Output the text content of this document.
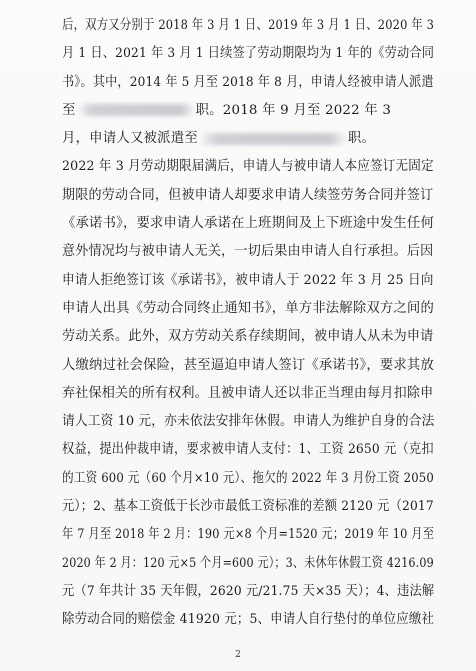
后，双方又分别于 2018 年 3 月 1 日、2019 年 3 月 1 日、2020 年 3
月 1 日、2021 年 3 月 1 日续签了劳动期限均为 1 年的《劳动合同
书》。其中，2014 年 5 月至 2018 年 8 月，申请人经被申请人派遣
至	职。2018 年 9 月至 2022 年 3
月，申请人又被派遣至	职。
2022 年 3 月劳动期限届满后，申请人与被申请人本应签订无固定
期限的劳动合同，但被申请人却要求申请人续签劳务合同并签订
《承诺书》，要求申请人承诺在上班期间及上下班途中发生任何
意外情况均与被申请人无关，一切后果由申请人自行承担。后因
申请人拒绝签订该《承诺书》，被申请人于 2022 年 3 月 25 日向
申请人出具《劳动合同终止通知书》，单方非法解除双方之间的
劳动关系。此外，双方劳动关系存续期间，被申请人从未为申请
人缴纳过社会保险，甚至逼迫申请人签订《承诺书》，要求其放
弃社保相关的所有权利。且被申请人还以非正当理由每月扣除申
请人工资 10 元，亦未依法安排年休假。申请人为维护自身的合法
权益，提出仲裁申请，要求被申请人支付：1、工资 2650 元（克扣
的工资 600 元（60 个月×10 元）、拖欠的 2022 年 3 月份工资 2050
元）；2、基本工资低于长沙市最低工资标准的差额 2120 元（2017
年 7 月至 2018 年 2 月：190 元×8 个月=1520 元；2019 年 10 月至
2020 年 2 月：120 元×5 个月=600 元）；3、未休年休假工资 4216.09
元（7 年共计 35 天年假，2620 元/21.75 天×35 天）；4、违法解
除劳动合同的赔偿金 41920 元；5、申请人自行垫付的单位应缴社
2
